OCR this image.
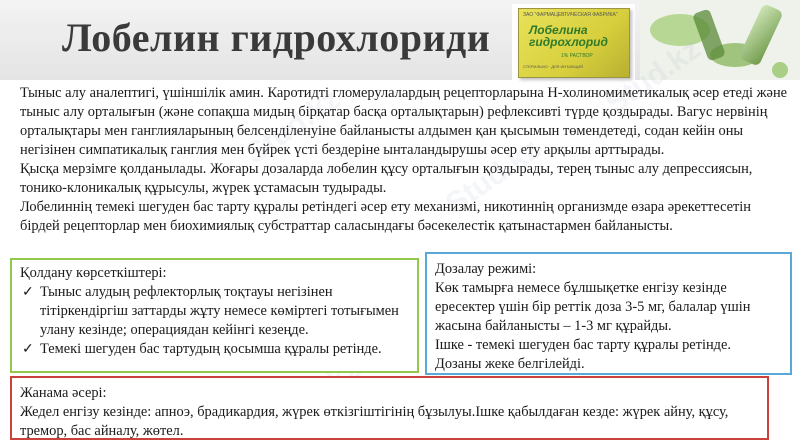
Лобелин гидрохлориди	ЗАО "ФАРМАЦЕВТИЧЕСКАЯ ФАБРИКА"
Лобелина гидрохлорид
1% РАСТВОР
СТЕРИЛЬНО · ДЛЯ ИНЪЕКЦИЙ
Stud.kz
Stud.kz

Тыныс алу аналептигі, үшіншілік амин. Каротидті гломерулалардың рецепторларына Н-холиномиметикалық әсер етеді және тыныс алу орталығын (және сопақша мидың бірқатар басқа орталықтарын) рефлексивті түрде қоздырады. Вагус нервінің орталықтары мен ганглияларының белсенділенуіне байланысты алдымен қан қысымын төмендетеді, содан кейін оны негізінен симпатикалық ганглия мен бүйрек үсті бездеріне ынталандырушы әсер ету арқылы арттырады.

Қысқа мерзімге қолданылады. Жоғары дозаларда лобелин құсу орталығын қоздырады, терең тыныс алу депрессиясын, тонико-клоникалық құрысулы, жүрек ұстамасын тудырады.

Лобелиннің темекі шегуден бас тарту құралы ретіндегі әсер ету механизмі, никотиннің организмде өзара әрекеттесетін бірдей рецепторлар мен биохимиялық субстраттар саласындағы бәсекелестік қатынастармен байланысты.

Қолдану көрсеткіштері:

✓ Тыныс алудың рефлекторлық тоқтауы негізінен тітіркендіргіш заттарды жұту немесе көміртегі тотығымен улану кезінде; операциядан кейінгі кезеңде.
✓ Темекі шегуден бас тартудың қосымша құралы ретінде.

Дозалау режимі:

Көк тамырға немесе бұлшықетке енгізу кезінде ересектер үшін бір реттік доза 3-5 мг, балалар үшін жасына байланысты – 1-3 мг құрайды.

Ішке - темекі шегуден бас тарту құралы ретінде.

Дозаны жеке белгілейді.

Жанама әсері:

Жедел енгізу кезінде: апноэ, брадикардия, жүрек өткізгіштігінің бұзылуы.Ішке қабылдаған кезде: жүрек айну, құсу, тремор, бас айналу, жөтел.
